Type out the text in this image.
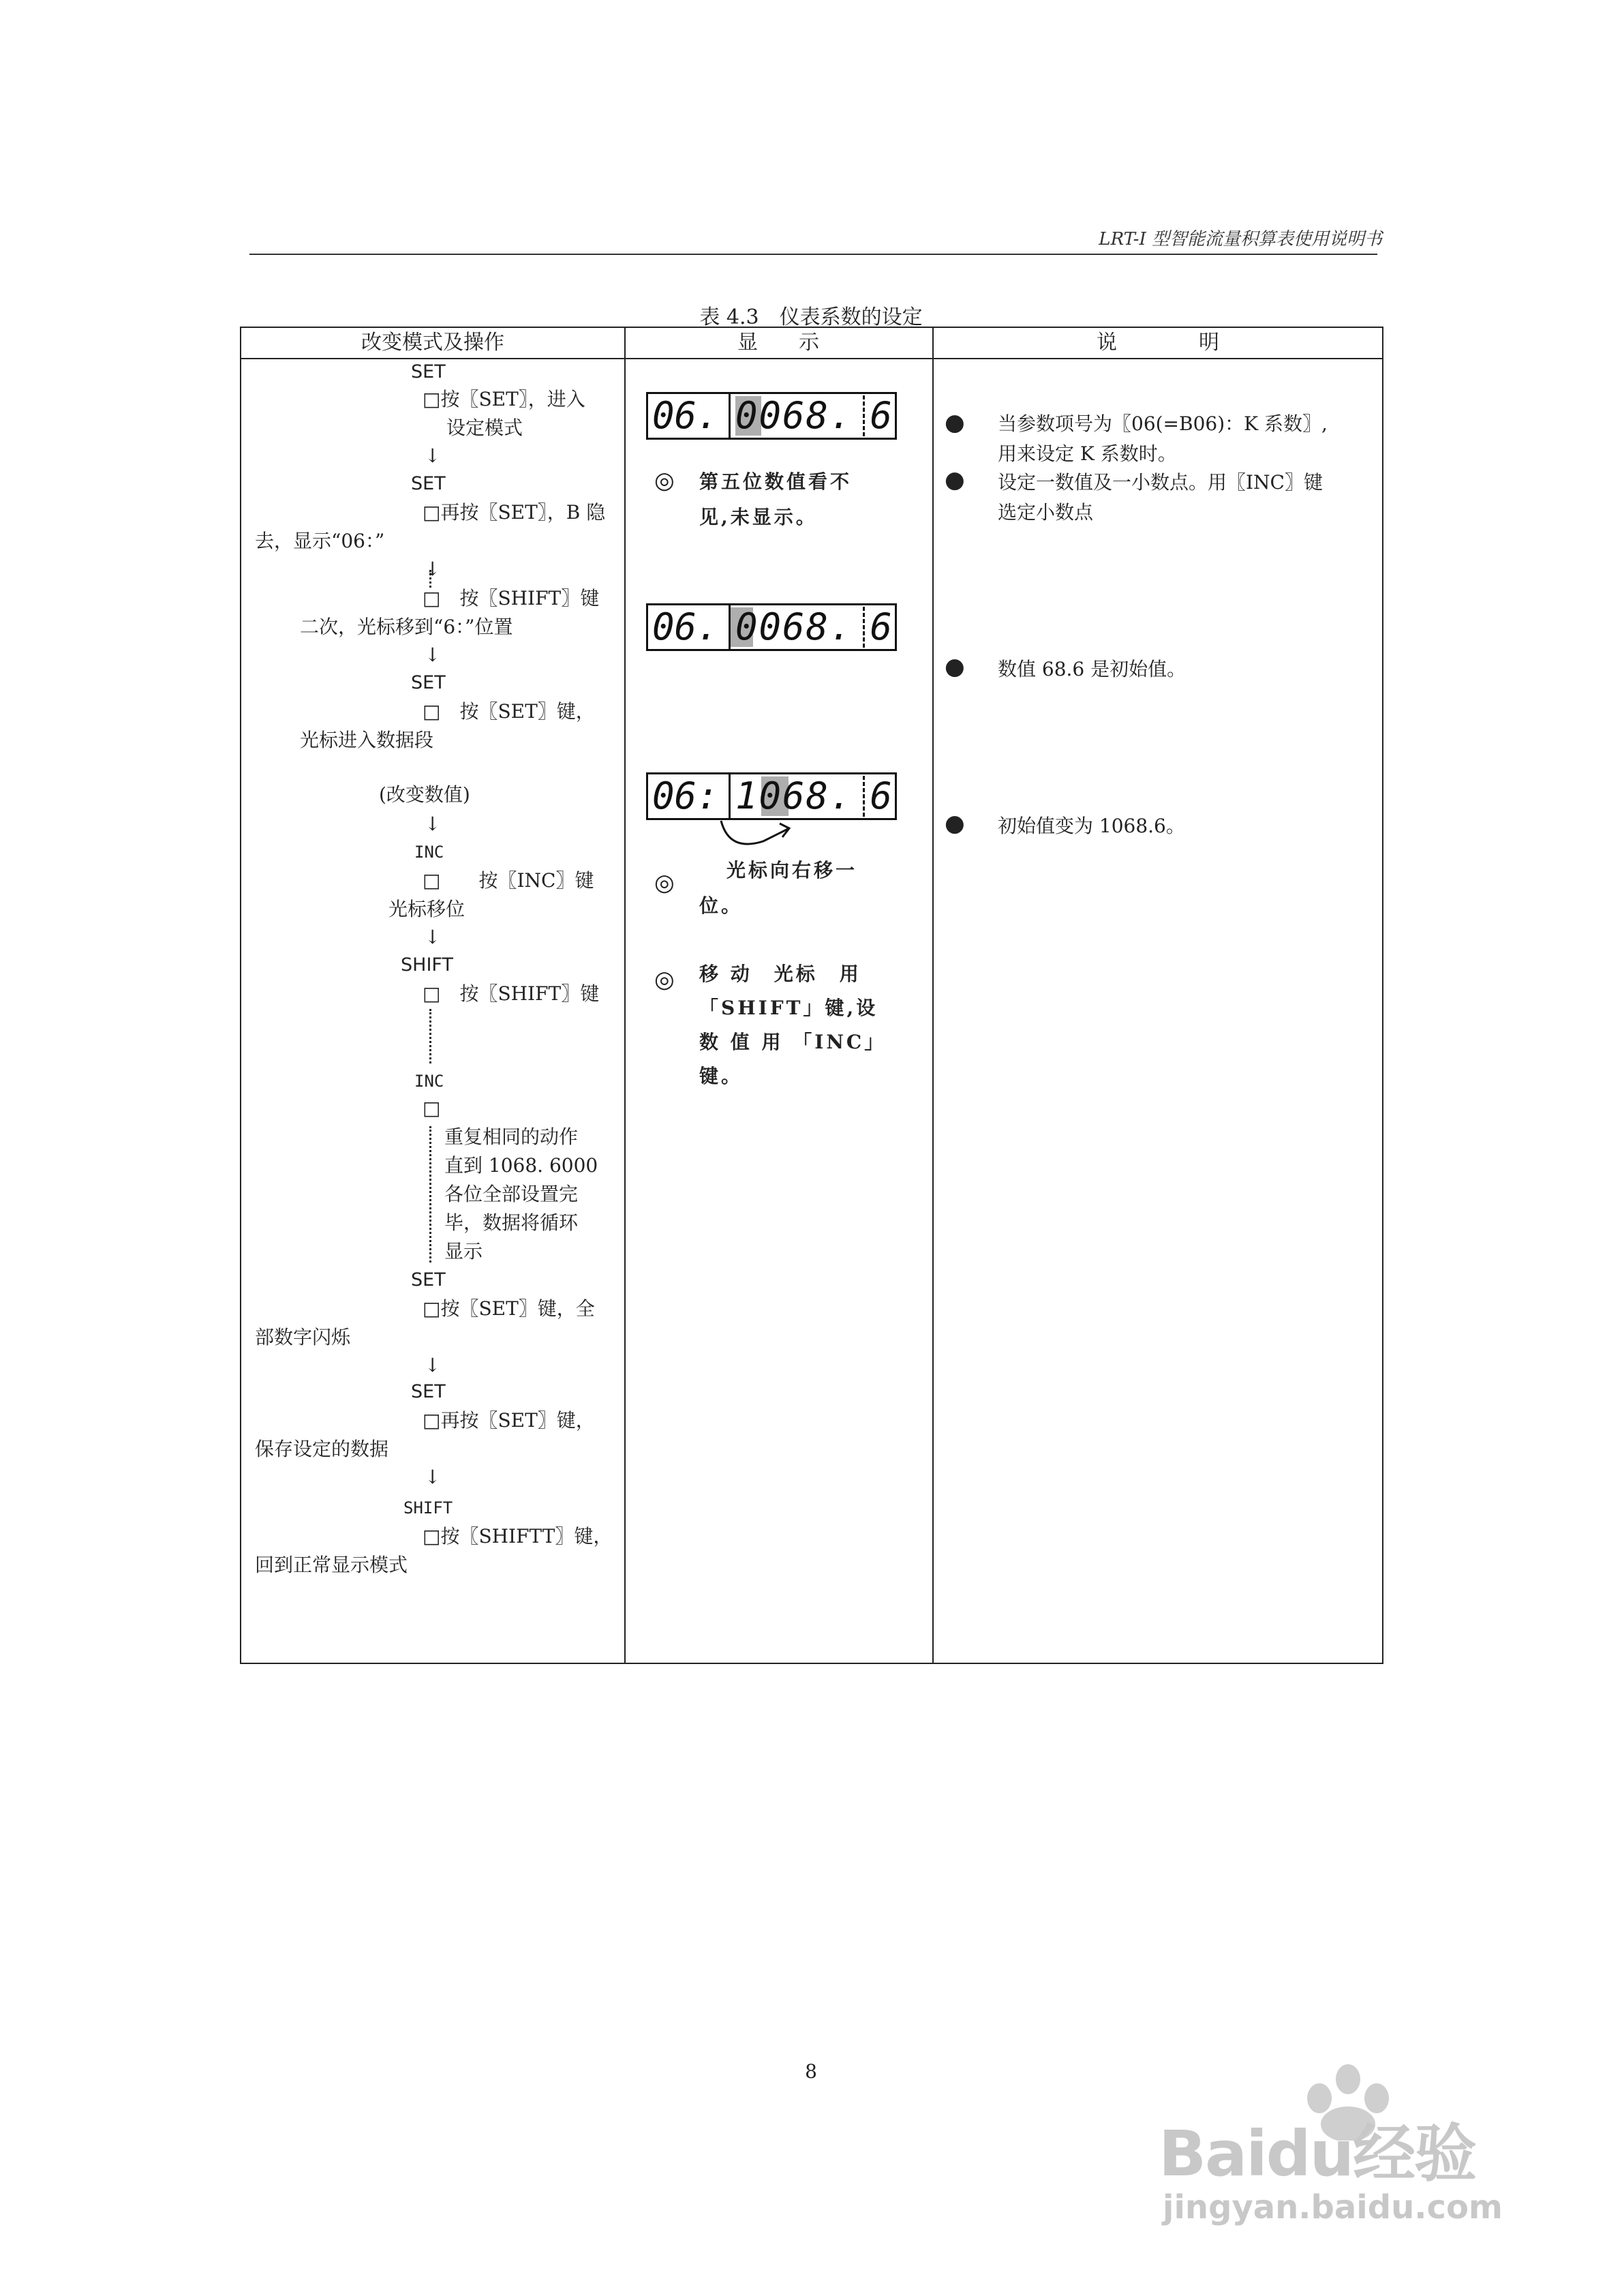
LRT-I 型智能流量积算表使用说明书
表 4.3　仪表系数的设定
改变模式及操作	显　　示	说　　　　明
SET
□按〖SET〗，进入
设定模式
↓
SET
□再按〖SET〗，B 隐
去，显示“06：”
↓
□　按〖SHIFT〗键
二次，光标移到“6：”位置
↓
SET
□　按〖SET〗键，
光标进入数据段
(改变数值)
↓
INC
□　　按〖INC〗键
光标移位
↓
SHIFT
□　按〖SHIFT〗键
INC
□
重复相同的动作
直到 1068. 6000
各位全部设置完
毕，数据将循环
显示
SET
□按〖SET〗键，全
部数字闪烁
↓
SET
□再按〖SET〗键，
保存设定的数据
↓
SHIFT
□按〖SHIFTT〗键，
回到正常显示模式
06. 0068. 6
◎ 第五位数值看不
见,未显示。
06. 0068. 6
06: 1068. 6
光标向右移一
◎
位。
◎ 移 动　光标　用
「SHIFT」键,设
数 值 用 「INC」
键。
● 当参数项号为〖06(=B06)：K 系数〗,
用来设定 K 系数时。
● 设定一数值及一小数点。用〖INC〗键
选定小数点
● 数值 68.6 是初始值。
● 初始值变为 1068.6。
8
Baidu经验
jingyan.baidu.com
